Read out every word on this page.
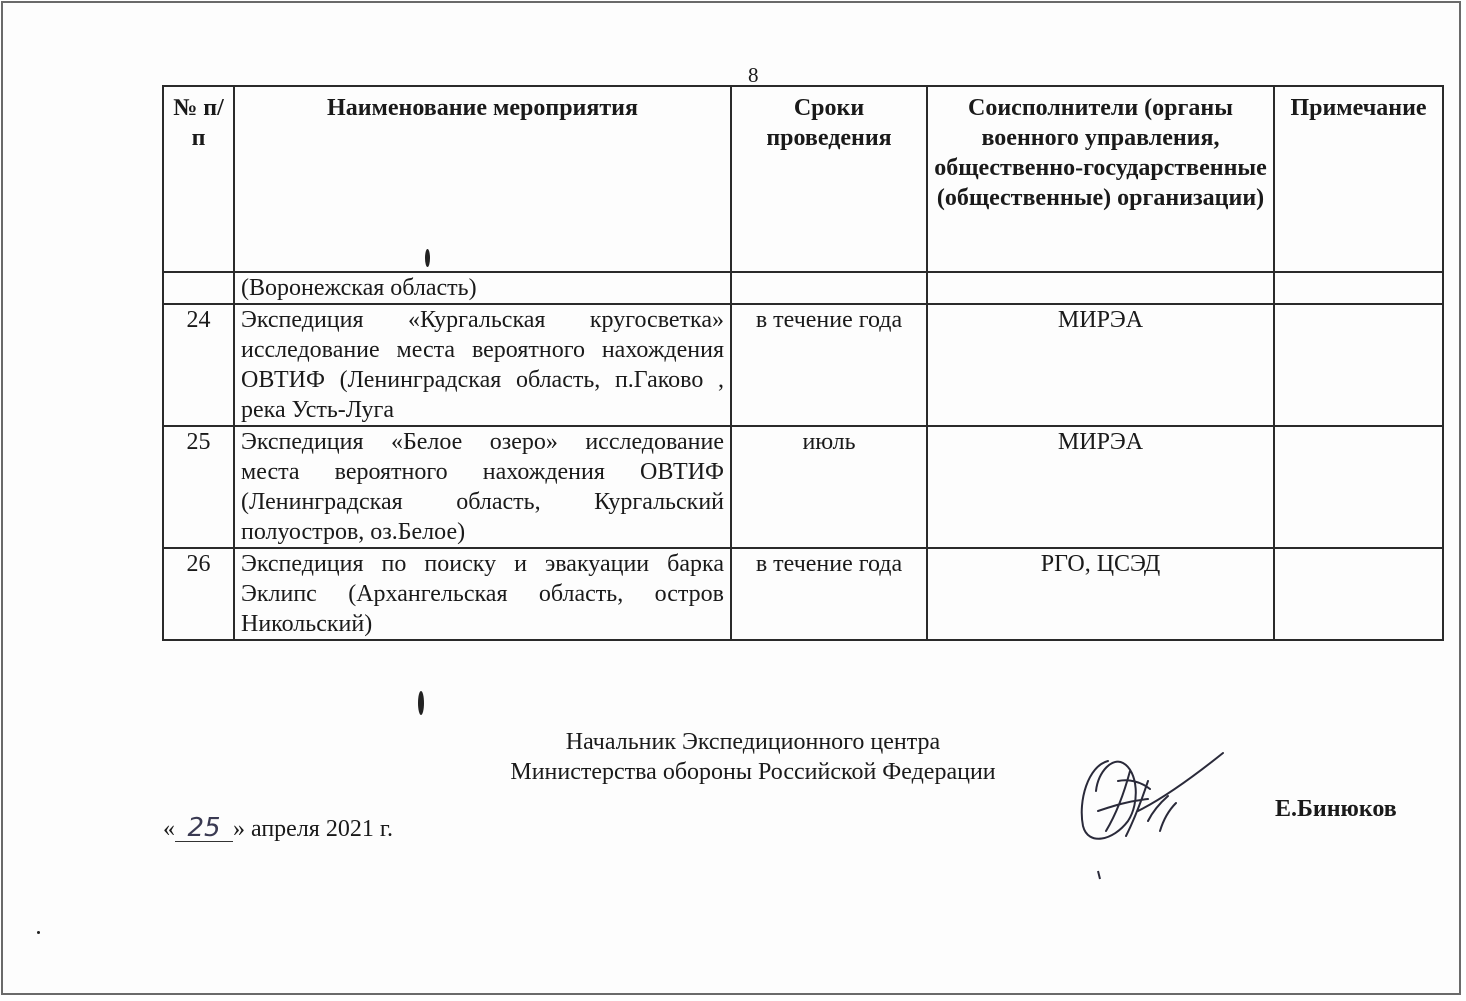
8
№ п/п	Наименование мероприятия	Сроки проведения	Соисполнители (органы военного управления, общественно-государственные (общественные) организации)	Примечание
	(Воронежская область)			
24	Экспедиция «Кургальская кругосветка» исследование места вероятного нахождения ОВТИФ (Ленинградская область, п.Гаково , река Усть-Луга	в течение года	МИРЭА	
25	Экспедиция «Белое озеро» исследование места вероятного нахождения ОВТИФ (Ленинградская область, Кургальский полуостров, оз.Белое)	июль	МИРЭА	
26	Экспедиция по поиску и эвакуации барка Эклипс (Архангельская область, остров Никольский)	в течение года	РГО, ЦСЭД	
Начальник Экспедиционного центра
Министерства обороны Российской Федерации
Е.Бинюков
« 25 » апреля 2021 г.
